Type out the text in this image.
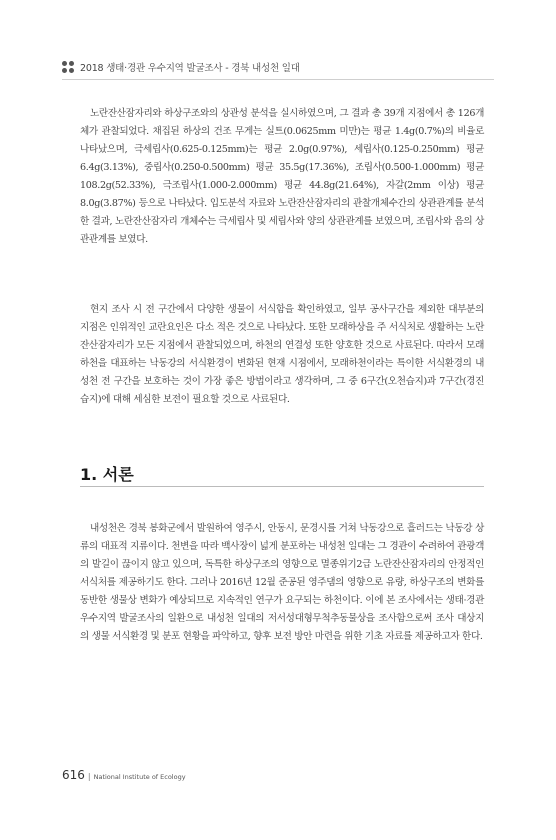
2018 생태·경관 우수지역 발굴조사 - 경북 내성천 일대

노란잔산잠자리와 하상구조와의 상관성 분석을 실시하였으며, 그 결과 총 39개 지점에서 총 126개체가 관찰되었다. 채집된 하상의 건조 무게는 실트(0.0625mm 미만)는 평균 1.4g(0.7%)의 비율로 나타났으며, 극세립사(0.625-0.125mm)는 평균 2.0g(0.97%), 세립사(0.125-0.250mm) 평균 6.4g(3.13%), 중립사(0.250-0.500mm) 평균 35.5g(17.36%), 조립사(0.500-1.000mm) 평균 108.2g(52.33%), 극조립사(1.000-2.000mm) 평균 44.8g(21.64%), 자갈(2mm 이상) 평균 8.0g(3.87%) 등으로 나타났다. 입도분석 자료와 노란잔산잠자리의 관찰개체수간의 상관관계를 분석한 결과, 노란잔산잠자리 개체수는 극세립사 및 세립사와 양의 상관관계를 보였으며, 조립사와 음의 상관관계를 보였다.

현지 조사 시 전 구간에서 다양한 생물이 서식함을 확인하였고, 일부 공사구간을 제외한 대부분의 지점은 인위적인 교란요인은 다소 적은 것으로 나타났다. 또한 모래하상을 주 서식처로 생활하는 노란잔산잠자리가 모든 지점에서 관찰되었으며, 하천의 연결성 또한 양호한 것으로 사료된다. 따라서 모래하천을 대표하는 낙동강의 서식환경이 변화된 현재 시점에서, 모래하천이라는 특이한 서식환경의 내성천 전 구간을 보호하는 것이 가장 좋은 방법이라고 생각하며, 그 중 6구간(오천습지)과 7구간(경진습지)에 대해 세심한 보전이 필요할 것으로 사료된다.

1. 서론

내성천은 경북 봉화군에서 발원하여 영주시, 안동시, 문경시를 거쳐 낙동강으로 흘러드는 낙동강 상류의 대표적 지류이다. 천변을 따라 백사장이 넓게 분포하는 내성천 일대는 그 경관이 수려하여 관광객의 발길이 끊이지 않고 있으며, 독특한 하상구조의 영향으로 멸종위기2급 노란잔산잠자리의 안정적인 서식처를 제공하기도 한다. 그러나 2016년 12월 준공된 영주댐의 영향으로 유량, 하상구조의 변화를 동반한 생물상 변화가 예상되므로 지속적인 연구가 요구되는 하천이다. 이에 본 조사에서는 생태·경관우수지역 발굴조사의 일환으로 내성천 일대의 저서성대형무척추동물상을 조사함으로써 조사 대상지의 생물 서식환경 및 분포 현황을 파악하고, 향후 보전 방안 마련을 위한 기초 자료를 제공하고자 한다.

616 | National Institute of Ecology
